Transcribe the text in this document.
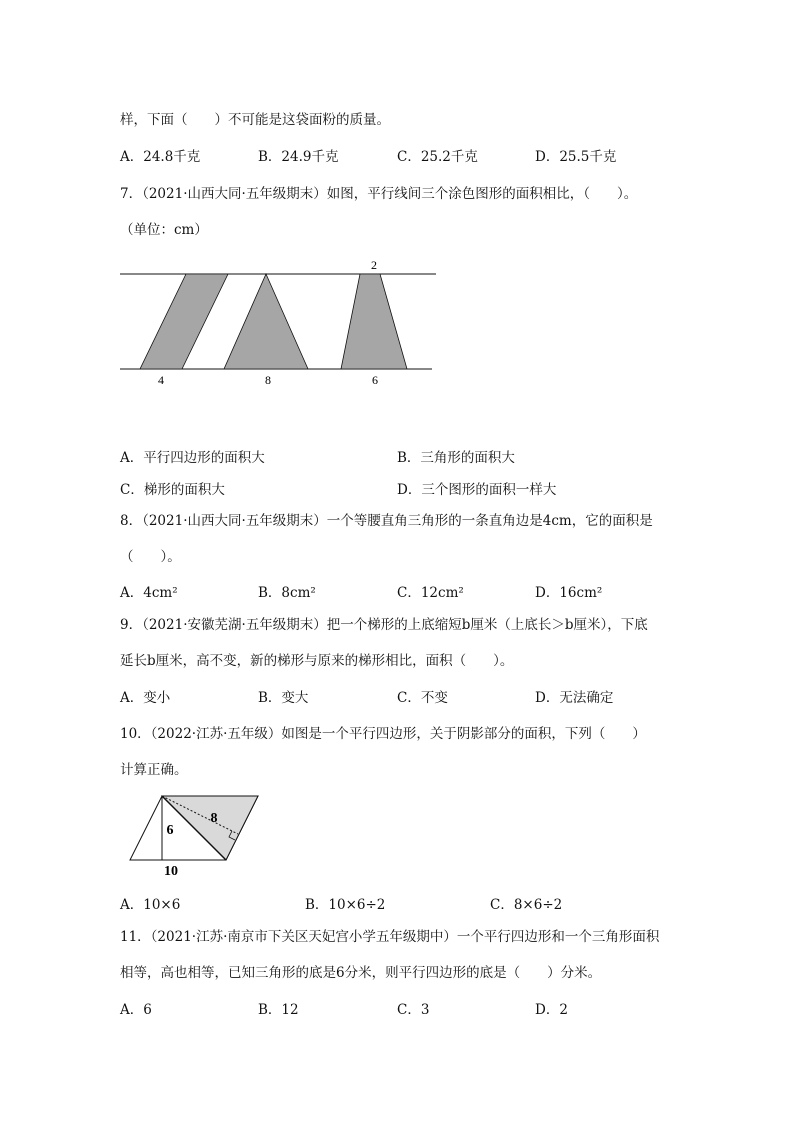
样，下面（　　）不可能是这袋面粉的质量。
A．24.8千克	B．24.9千克	C．25.2千克	D．25.5千克
7．（2021·山西大同·五年级期末）如图，平行线间三个涂色图形的面积相比，（　　）。
（单位：cm）
2
4	8	6
A．平行四边形的面积大	B．三角形的面积大
C．梯形的面积大	D．三个图形的面积一样大
8．（2021·山西大同·五年级期末）一个等腰直角三角形的一条直角边是4cm，它的面积是
（　　）。
A．4cm²	B．8cm²	C．12cm²	D．16cm²
9．（2021·安徽芜湖·五年级期末）把一个梯形的上底缩短b厘米（上底长＞b厘米），下底
延长b厘米，高不变，新的梯形与原来的梯形相比，面积（　　）。
A．变小	B．变大	C．不变	D．无法确定
10．（2022·江苏·五年级）如图是一个平行四边形，关于阴影部分的面积，下列（　　）
计算正确。
8
6
10
A．10×6	B．10×6÷2	C．8×6÷2
11．（2021·江苏·南京市下关区天妃宫小学五年级期中）一个平行四边形和一个三角形面积
相等，高也相等，已知三角形的底是6分米，则平行四边形的底是（　　）分米。
A．6	B．12	C．3	D．2
